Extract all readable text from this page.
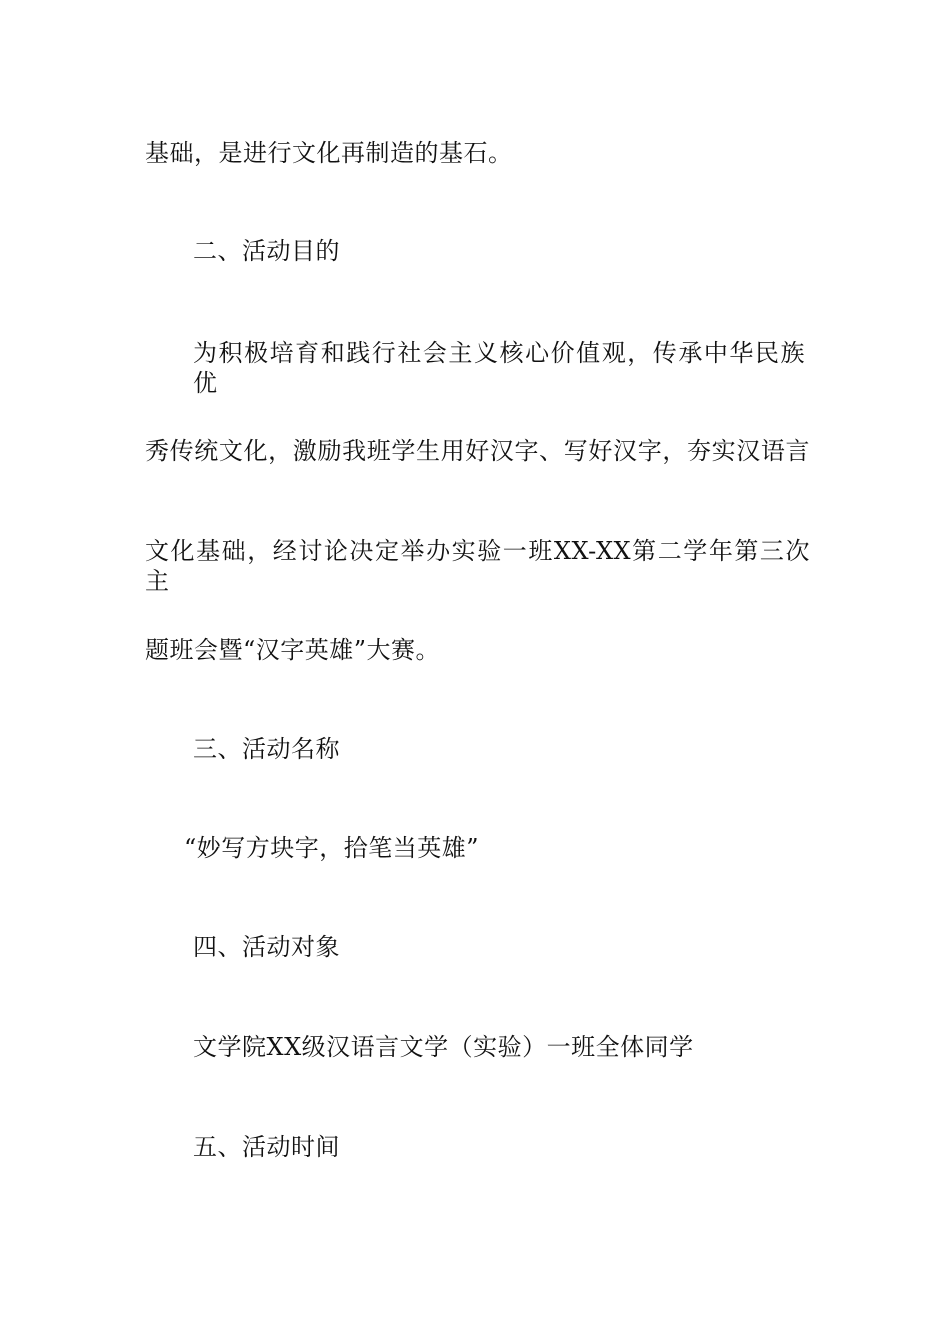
基础，是进行文化再制造的基石。
二、活动目的
为积极培育和践行社会主义核心价值观，传承中华民族优
秀传统文化，激励我班学生用好汉字、写好汉字，夯实汉语言
文化基础，经讨论决定举办实验一班XX-XX第二学年第三次主
题班会暨“汉字英雄”大赛。
三、活动名称
“妙写方块字，拾笔当英雄”
四、活动对象
文学院XX级汉语言文学（实验）一班全体同学
五、活动时间
